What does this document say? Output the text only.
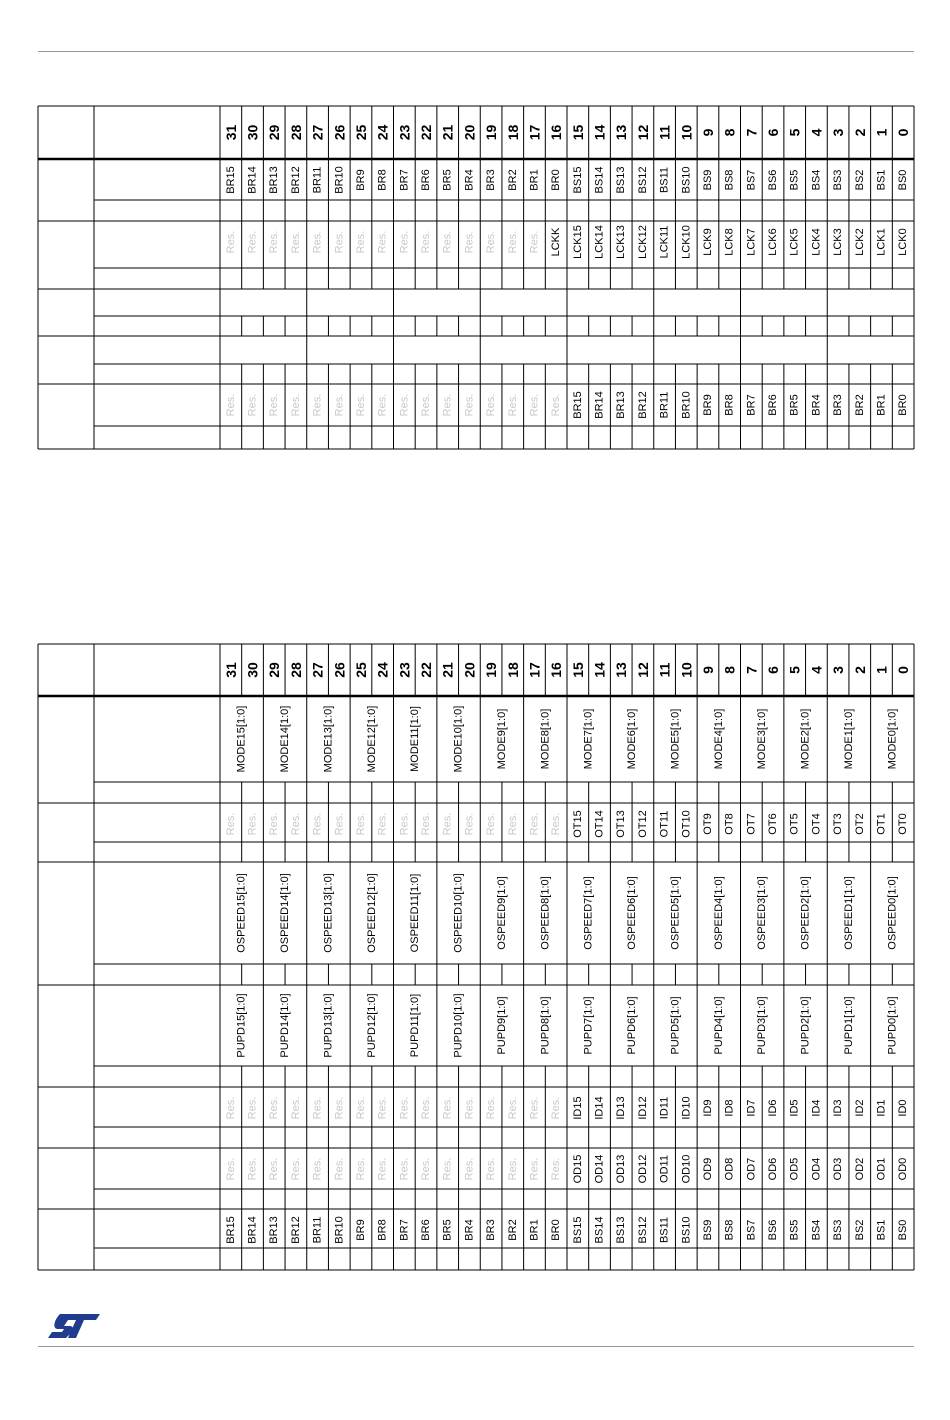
31 30 29 28 27 26 25 24 23 22 21 20 19 18 17 16 15 14 13 12 11 10 9 8 7 6 5 4 3 2 1 0
BR15 BR14 BR13 BR12 BR11 BR10 BR9 BR8 BR7 BR6 BR5 BR4 BR3 BR2 BR1 BR0 BS15 BS14 BS13 BS12 BS11 BS10 BS9 BS8 BS7 BS6 BS5 BS4 BS3 BS2 BS1 BS0
Res. Res. Res. Res. Res. Res. Res. Res. Res. Res. Res. Res. Res. Res. Res. LCKK LCK15 LCK14 LCK13 LCK12 LCK11 LCK10 LCK9 LCK8 LCK7 LCK6 LCK5 LCK4 LCK3 LCK2 LCK1 LCK0
Res. Res. Res. Res. Res. Res. Res. Res. Res. Res. Res. Res. Res. Res. Res. Res. BR15 BR14 BR13 BR12 BR11 BR10 BR9 BR8 BR7 BR6 BR5 BR4 BR3 BR2 BR1 BR0
31 30 29 28 27 26 25 24 23 22 21 20 19 18 17 16 15 14 13 12 11 10 9 8 7 6 5 4 3 2 1 0
MODE15[1:0]	MODE14[1:0]	MODE13[1:0]	MODE12[1:0]	MODE11[1:0]	MODE10[1:0]	MODE9[1:0]	MODE8[1:0]	MODE7[1:0]	MODE6[1:0]	MODE5[1:0]	MODE4[1:0]	MODE3[1:0]	MODE2[1:0]	MODE1[1:0]	MODE0[1:0]
Res. Res. Res. Res. Res. Res. Res. Res. Res. Res. Res. Res. Res. Res. Res. Res. OT15 OT14 OT13 OT12 OT11 OT10 OT9 OT8 OT7 OT6 OT5 OT4 OT3 OT2 OT1 OT0
OSPEED15[1:0]	OSPEED14[1:0]	OSPEED13[1:0]	OSPEED12[1:0]	OSPEED11[1:0]	OSPEED10[1:0]	OSPEED9[1:0]	OSPEED8[1:0]	OSPEED7[1:0]	OSPEED6[1:0]	OSPEED5[1:0]	OSPEED4[1:0]	OSPEED3[1:0]	OSPEED2[1:0]	OSPEED1[1:0]	OSPEED0[1:0]
PUPD15[1:0]	PUPD14[1:0]	PUPD13[1:0]	PUPD12[1:0]	PUPD11[1:0]	PUPD10[1:0]	PUPD9[1:0]	PUPD8[1:0]	PUPD7[1:0]	PUPD6[1:0]	PUPD5[1:0]	PUPD4[1:0]	PUPD3[1:0]	PUPD2[1:0]	PUPD1[1:0]	PUPD0[1:0]
Res. Res. Res. Res. Res. Res. Res. Res. Res. Res. Res. Res. Res. Res. Res. Res. ID15 ID14 ID13 ID12 ID11 ID10 ID9 ID8 ID7 ID6 ID5 ID4 ID3 ID2 ID1 ID0
Res. Res. Res. Res. Res. Res. Res. Res. Res. Res. Res. Res. Res. Res. Res. Res. OD15 OD14 OD13 OD12 OD11 OD10 OD9 OD8 OD7 OD6 OD5 OD4 OD3 OD2 OD1 OD0
BR15 BR14 BR13 BR12 BR11 BR10 BR9 BR8 BR7 BR6 BR5 BR4 BR3 BR2 BR1 BR0 BS15 BS14 BS13 BS12 BS11 BS10 BS9 BS8 BS7 BS6 BS5 BS4 BS3 BS2 BS1 BS0
